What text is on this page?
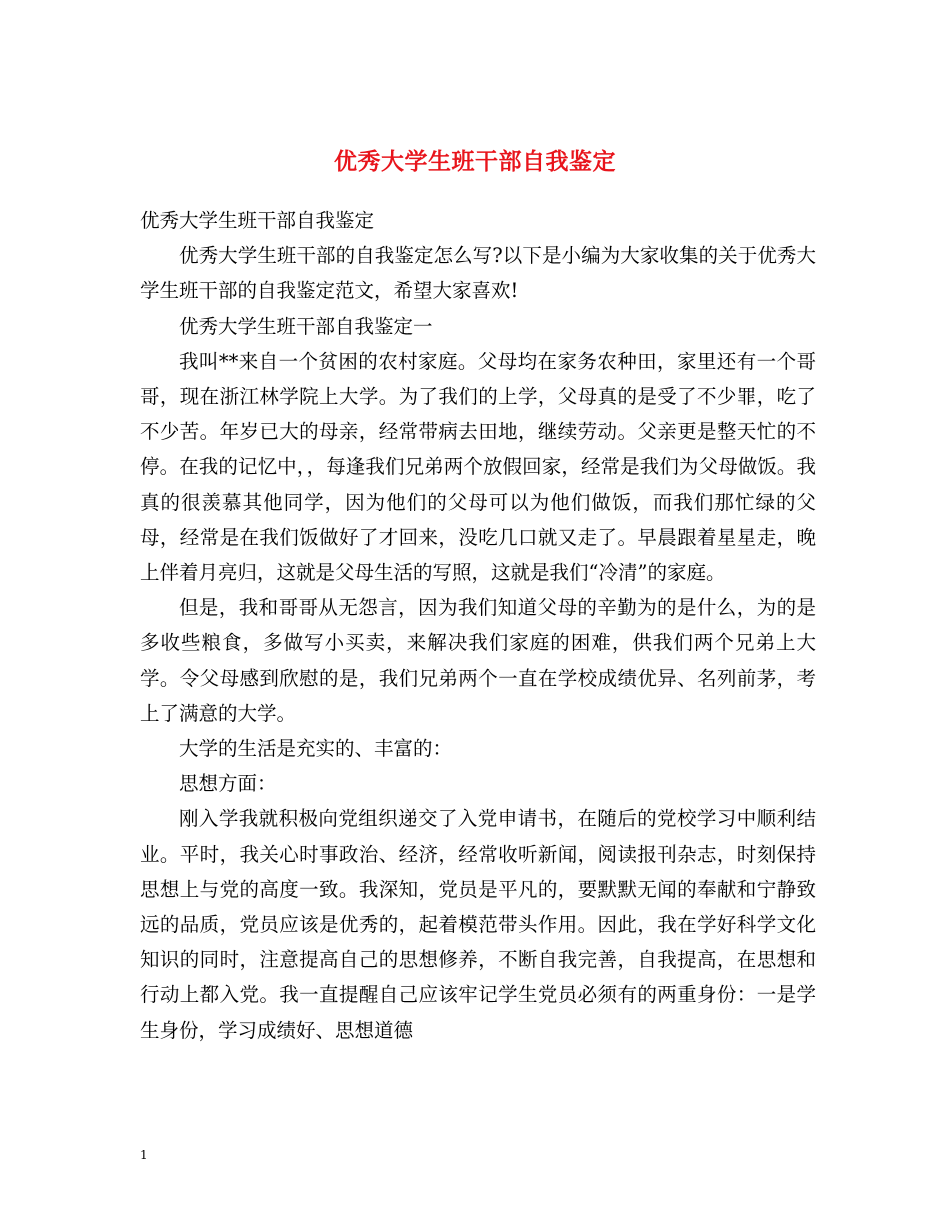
优秀大学生班干部自我鉴定

优秀大学生班干部自我鉴定

优秀大学生班干部的自我鉴定怎么写?以下是小编为大家收集的关于优秀大学生班干部的自我鉴定范文，希望大家喜欢!

优秀大学生班干部自我鉴定一

我叫**来自一个贫困的农村家庭。父母均在家务农种田，家里还有一个哥哥，现在浙江林学院上大学。为了我们的上学，父母真的是受了不少罪，吃了不少苦。年岁已大的母亲，经常带病去田地，继续劳动。父亲更是整天忙的不停。在我的记忆中，，每逢我们兄弟两个放假回家，经常是我们为父母做饭。我真的很羡慕其他同学，因为他们的父母可以为他们做饭，而我们那忙绿的父母，经常是在我们饭做好了才回来，没吃几口就又走了。早晨跟着星星走，晚上伴着月亮归，这就是父母生活的写照，这就是我们“冷清”的家庭。

但是，我和哥哥从无怨言，因为我们知道父母的辛勤为的是什么，为的是多收些粮食，多做写小买卖，来解决我们家庭的困难，供我们两个兄弟上大学。令父母感到欣慰的是，我们兄弟两个一直在学校成绩优异、名列前茅，考上了满意的大学。

大学的生活是充实的、丰富的：

思想方面：

刚入学我就积极向党组织递交了入党申请书，在随后的党校学习中顺利结业。平时，我关心时事政治、经济，经常收听新闻，阅读报刊杂志，时刻保持思想上与党的高度一致。我深知，党员是平凡的，要默默无闻的奉献和宁静致远的品质，党员应该是优秀的，起着模范带头作用。因此，我在学好科学文化知识的同时，注意提高自己的思想修养，不断自我完善，自我提高，在思想和行动上都入党。我一直提醒自己应该牢记学生党员必须有的两重身份：一是学生身份，学习成绩好、思想道德

1
